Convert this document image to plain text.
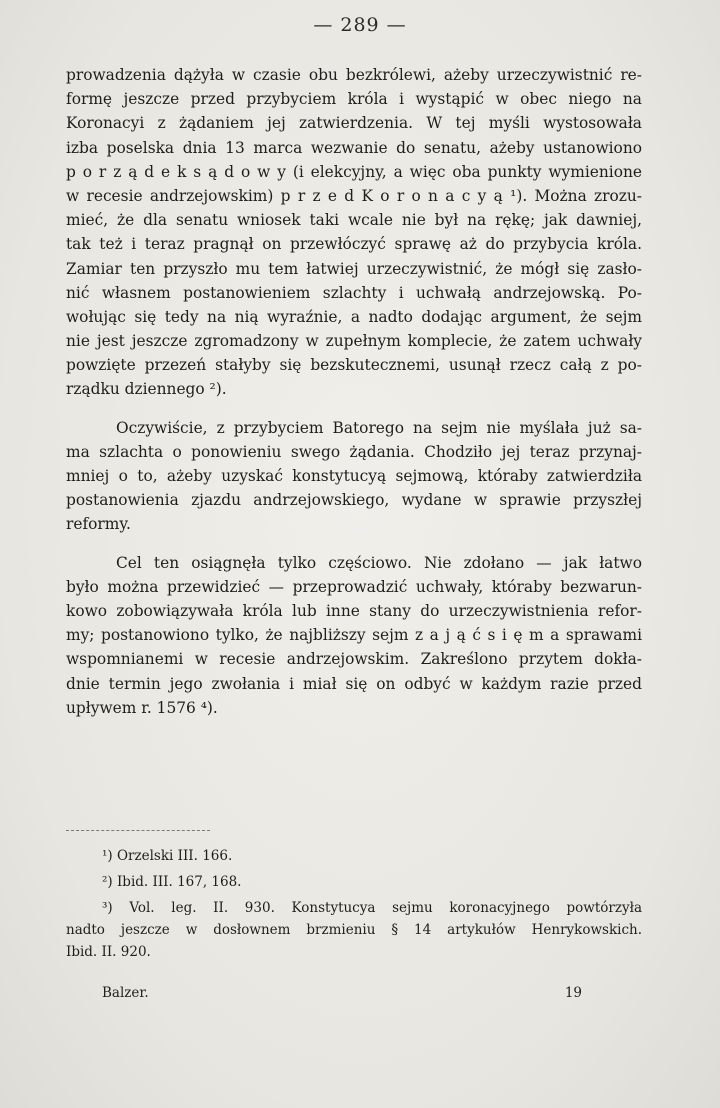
— 289 —
prowadzenia dążyła w czasie obu bezkrólewi, ażeby urzeczywistnić re-
formę jeszcze przed przybyciem króla i wystąpić w obec niego na
Koronacyi z żądaniem jej zatwierdzenia. W tej myśli wystosowała
izba poselska dnia 13 marca wezwanie do senatu, ażeby ustanowiono
p o r z ą d e k s ą d o w y (i elekcyjny, a więc oba punkty wymienione
w recesie andrzejowskim) p r z e d K o r o n a c y ą ¹). Można zrozu-
mieć, że dla senatu wniosek taki wcale nie był na rękę; jak dawniej,
tak też i teraz pragnął on przewłóczyć sprawę aż do przybycia króla.
Zamiar ten przyszło mu tem łatwiej urzeczywistnić, że mógł się zasło-
nić własnem postanowieniem szlachty i uchwałą andrzejowską. Po-
wołując się tedy na nią wyraźnie, a nadto dodając argument, że sejm
nie jest jeszcze zgromadzony w zupełnym komplecie, że zatem uchwały
powzięte przezeń stałyby się bezskutecznemi, usunął rzecz całą z po-
rządku dziennego ²).
Oczywiście, z przybyciem Batorego na sejm nie myślała już sa-
ma szlachta o ponowieniu swego żądania. Chodziło jej teraz przynaj-
mniej o to, ażeby uzyskać konstytucyą sejmową, któraby zatwierdziła
postanowienia zjazdu andrzejowskiego, wydane w sprawie przyszłej
reformy.
Cel ten osiągnęła tylko częściowo. Nie zdołano — jak łatwo
było można przewidzieć — przeprowadzić uchwały, któraby bezwarun-
kowo zobowiązywała króla lub inne stany do urzeczywistnienia refor-
my; postanowiono tylko, że najbliższy sejm z a j ą ć s i ę m a sprawami
wspomnianemi w recesie andrzejowskim. Zakreślono przytem dokła-
dnie termin jego zwołania i miał się on odbyć w każdym razie przed
upływem r. 1576 ⁴).
¹) Orzelski III. 166.
²) Ibid. III. 167, 168.
³) Vol. leg. II. 930. Konstytucya sejmu koronacyjnego powtórzyła
nadto jeszcze w dosłownem brzmieniu § 14 artykułów Henrykowskich.
Ibid. II. 920.
Balzer.	19
